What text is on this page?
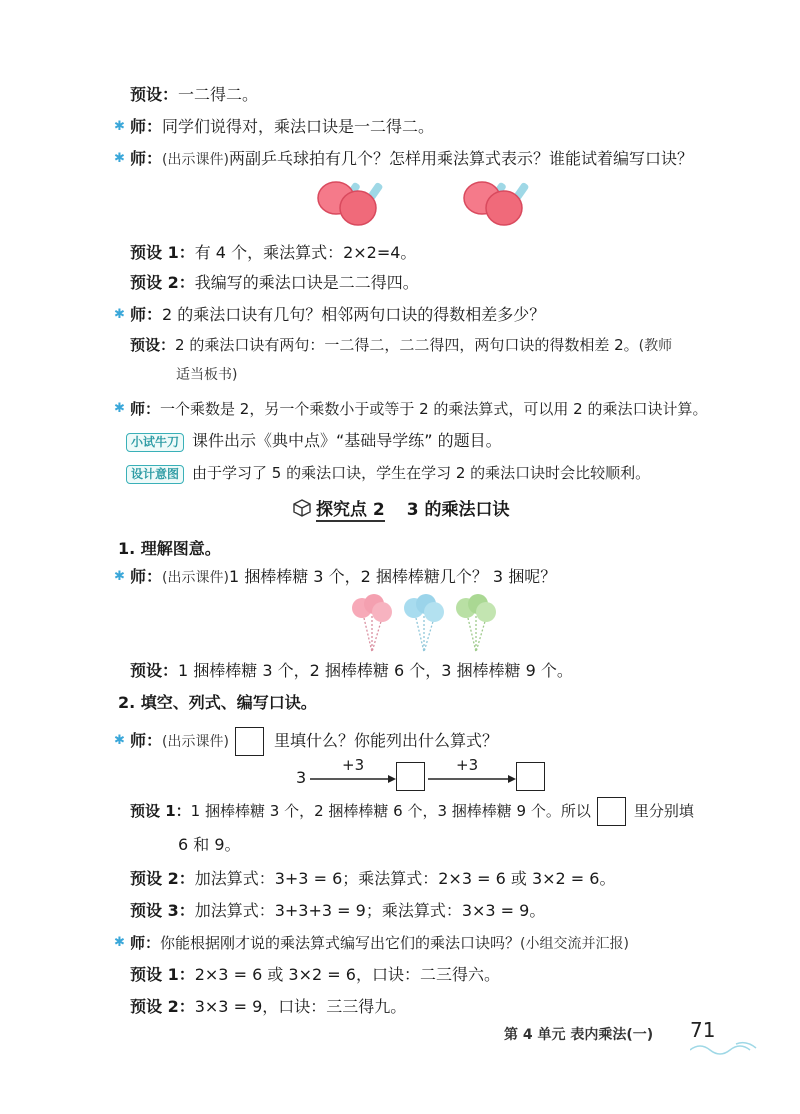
预设：一二得二。
✱ 师：同学们说得对，乘法口诀是一二得二。
✱ 师：(出示课件)两副乒乓球拍有几个？怎样用乘法算式表示？谁能试着编写口诀？
预设 1：有 4 个，乘法算式：2×2=4。
预设 2：我编写的乘法口诀是二二得四。
✱ 师：2 的乘法口诀有几句？相邻两句口诀的得数相差多少？
预设：2 的乘法口诀有两句：一二得二，二二得四，两句口诀的得数相差 2。(教师
适当板书)
✱ 师：一个乘数是 2，另一个乘数小于或等于 2 的乘法算式，可以用 2 的乘法口诀计算。
小试牛刀 课件出示《典中点》“基础导学练” 的题目。
设计意图 由于学习了 5 的乘法口诀，学生在学习 2 的乘法口诀时会比较顺利。
探究点 2 3 的乘法口诀
1. 理解图意。
✱ 师：(出示课件)1 捆棒棒糖 3 个，2 捆棒棒糖几个？ 3 捆呢？
预设：1 捆棒棒糖 3 个，2 捆棒棒糖 6 个，3 捆棒棒糖 9 个。
2. 填空、列式、编写口诀。
✱ 师：(出示课件)	里填什么？你能列出什么算式？
3
+3	+3
预设 1：1 捆棒棒糖 3 个，2 捆棒棒糖 6 个，3 捆棒棒糖 9 个。所以	里分别填
6 和 9。
预设 2：加法算式：3+3 = 6；乘法算式：2×3 = 6 或 3×2 = 6。
预设 3：加法算式：3+3+3 = 9；乘法算式：3×3 = 9。
✱ 师：你能根据刚才说的乘法算式编写出它们的乘法口诀吗？(小组交流并汇报)
预设 1：2×3 = 6 或 3×2 = 6，口诀：二三得六。
预设 2：3×3 = 9，口诀：三三得九。
第 4 单元 表内乘法(一) 71
